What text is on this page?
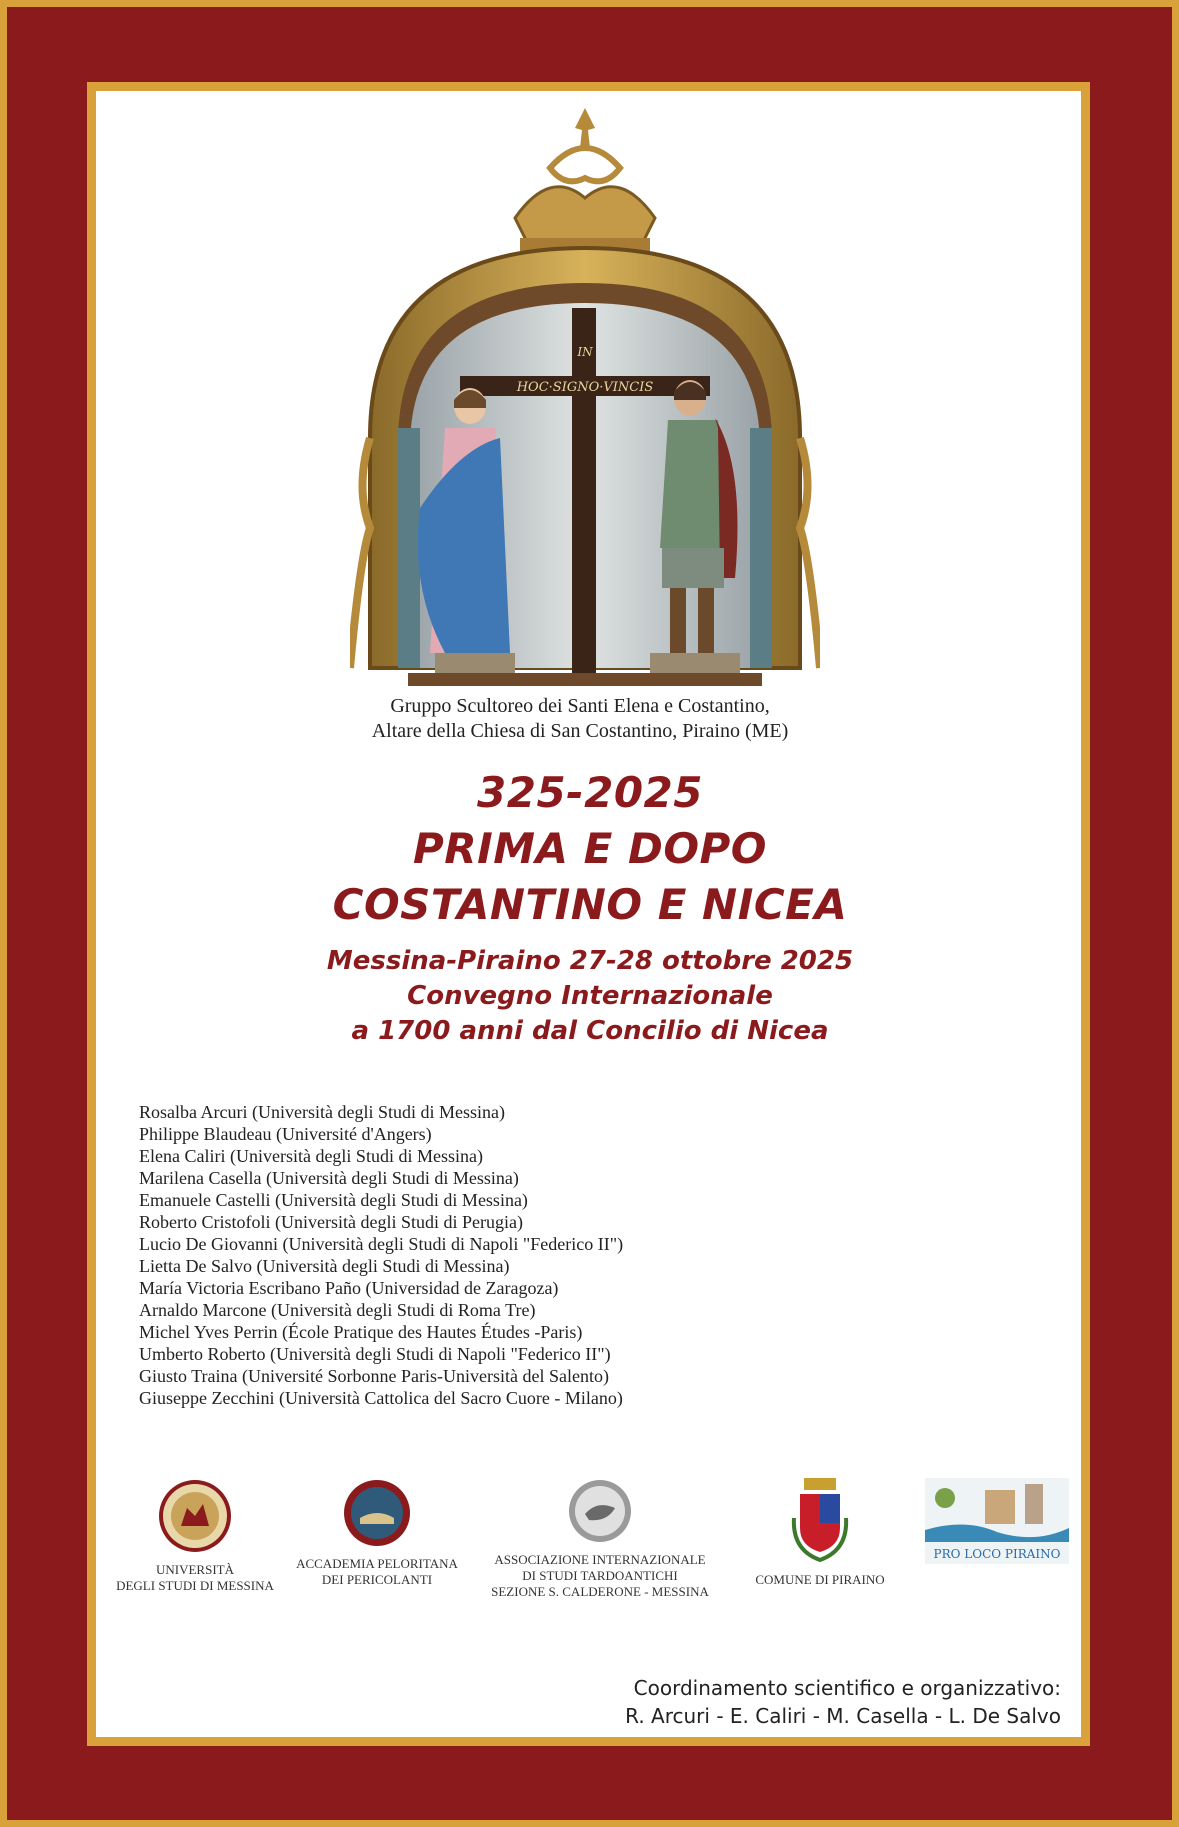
IN
HOC·SIGNO·VINCIS
Gruppo Scultoreo dei Santi Elena e Costantino,
Altare della Chiesa di San Costantino, Piraino (ME)
325-2025
PRIMA E DOPO
COSTANTINO E NICEA
Messina-Piraino 27-28 ottobre 2025
Convegno Internazionale
a 1700 anni dal Concilio di Nicea
Rosalba Arcuri (Università degli Studi di Messina)
Philippe Blaudeau (Université d'Angers)
Elena Caliri (Università degli Studi di Messina)
Marilena Casella (Università degli Studi di Messina)
Emanuele Castelli (Università degli Studi di Messina)
Roberto Cristofoli (Università degli Studi di Perugia)
Lucio De Giovanni (Università degli Studi di Napoli "Federico II")
Lietta De Salvo (Università degli Studi di Messina)
María Victoria Escribano Paño (Universidad de Zaragoza)
Arnaldo Marcone (Università degli Studi di Roma Tre)
Michel Yves Perrin (École Pratique des Hautes Études -Paris)
Umberto Roberto (Università degli Studi di Napoli "Federico II")
Giusto Traina (Université Sorbonne Paris-Università del Salento)
Giuseppe Zecchini (Università Cattolica del Sacro Cuore - Milano)
UNIVERSITÀ
DEGLI STUDI DI MESSINA
ACCADEMIA PELORITANA
DEI PERICOLANTI
ASSOCIAZIONE INTERNAZIONALE
DI STUDI TARDOANTICHI
SEZIONE S. CALDERONE - MESSINA
COMUNE DI PIRAINO
PRO LOCO PIRAINO
Coordinamento scientifico e organizzativo:
R. Arcuri - E. Caliri - M. Casella - L. De Salvo
